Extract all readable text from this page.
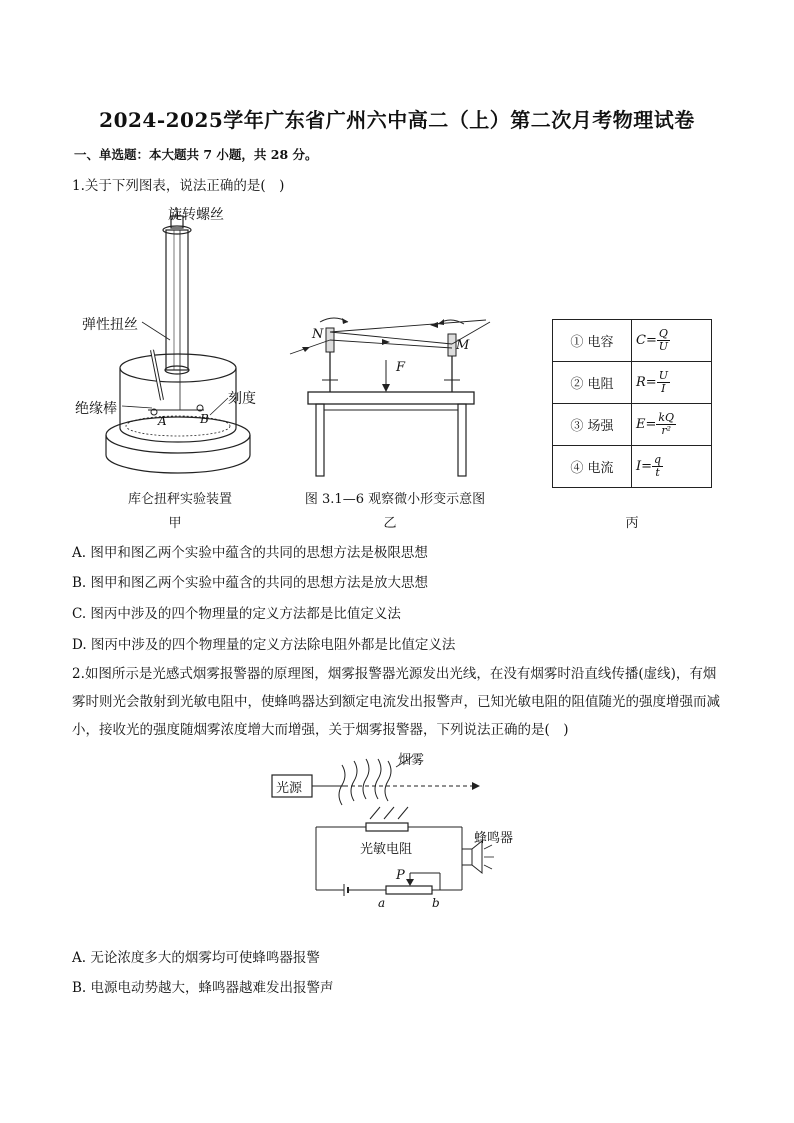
2024-2025学年广东省广州六中高二（上）第二次月考物理试卷
一、单选题：本大题共 7 小题，共 28 分。
1.关于下列图表，说法正确的是(　)
旋转螺丝
弹性扭丝
绝缘棒
刻度
A	B
库仑扭秤实验装置
甲
N
M
F
图 3.1—6 观察微小形变示意图
乙
① 电容	$C= \frac{Q}{U}$

② 电阻	$R= \frac{U}{I}$

③ 场强	$E= \frac{kQ}{\text{r²}}$

④ 电流	$I= \frac{q}{t}$
丙
A. 图甲和图乙两个实验中蕴含的共同的思想方法是极限思想
B. 图甲和图乙两个实验中蕴含的共同的思想方法是放大思想
C. 图丙中涉及的四个物理量的定义方法都是比值定义法
D. 图丙中涉及的四个物理量的定义方法除电阻外都是比值定义法
2.如图所示是光感式烟雾报警器的原理图，烟雾报警器光源发出光线，在没有烟雾时沿直线传播(虚线)，有烟雾时则光会散射到光敏电阻中，使蜂鸣器达到额定电流发出报警声，已知光敏电阻的阻值随光的强度增强而减小，接收光的强度随烟雾浓度增大而增强，关于烟雾报警器，下列说法正确的是(　)
光源
烟雾
光敏电阻
蜂鸣器
P
a	b
A. 无论浓度多大的烟雾均可使蜂鸣器报警
B. 电源电动势越大，蜂鸣器越难发出报警声
